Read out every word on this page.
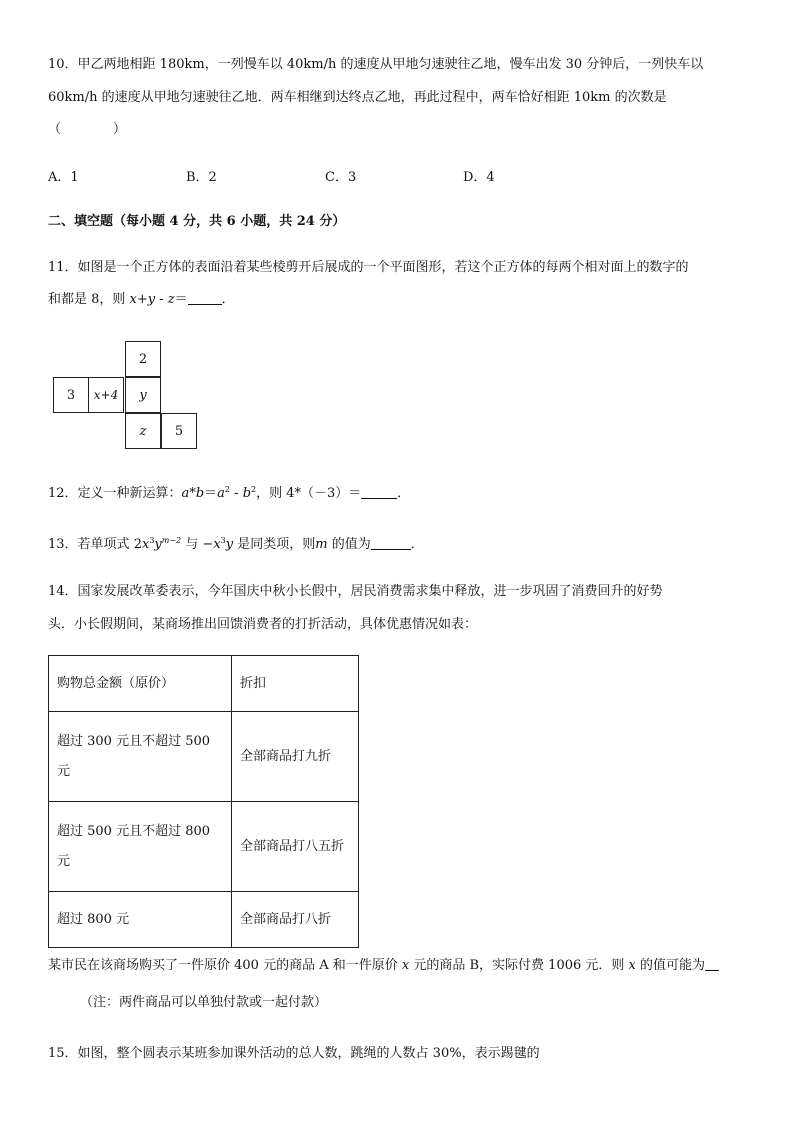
10．甲乙两地相距 180km，一列慢车以 40km/h 的速度从甲地匀速驶往乙地，慢车出发 30 分钟后，一列快车以
60km/h 的速度从甲地匀速驶往乙地．两车相继到达终点乙地，再此过程中，两车恰好相距 10km 的次数是
（　　　　）
A．1	B．2	C．3	D．4
二、填空题（每小题 4 分，共 6 小题，共 24 分）
11．如图是一个正方体的表面沿着某些棱剪开后展成的一个平面图形，若这个正方体的每两个相对面上的数字的
和都是 8，则 x+y - z＝	．
2
3	x+4	y
z	5
12．定义一种新运算：$a*b=a^2 - b^2$，则 4*（－3）＝	．
13．若单项式 $2x^3y^{m-2}$ 与 $-x^3y$ 是同类项，则m 的值为	．
14．国家发展改革委表示，今年国庆中秋小长假中，居民消费需求集中释放，进一步巩固了消费回升的好势
头．小长假期间，某商场推出回馈消费者的打折活动，具体优惠情况如表：
购物总金额（原价）	折扣

超过 300 元且不超过 500
元	全部商品打九折

超过 500 元且不超过 800
元	全部商品打八五折
超过 800 元	全部商品打八折
某市民在该商场购买了一件原价 400 元的商品 A 和一件原价 x 元的商品 B，实际付费 1006 元．则 x 的值可能为
（注：两件商品可以单独付款或一起付款）
15．如图，整个圆表示某班参加课外活动的总人数，跳绳的人数占 30%，表示踢毽的
